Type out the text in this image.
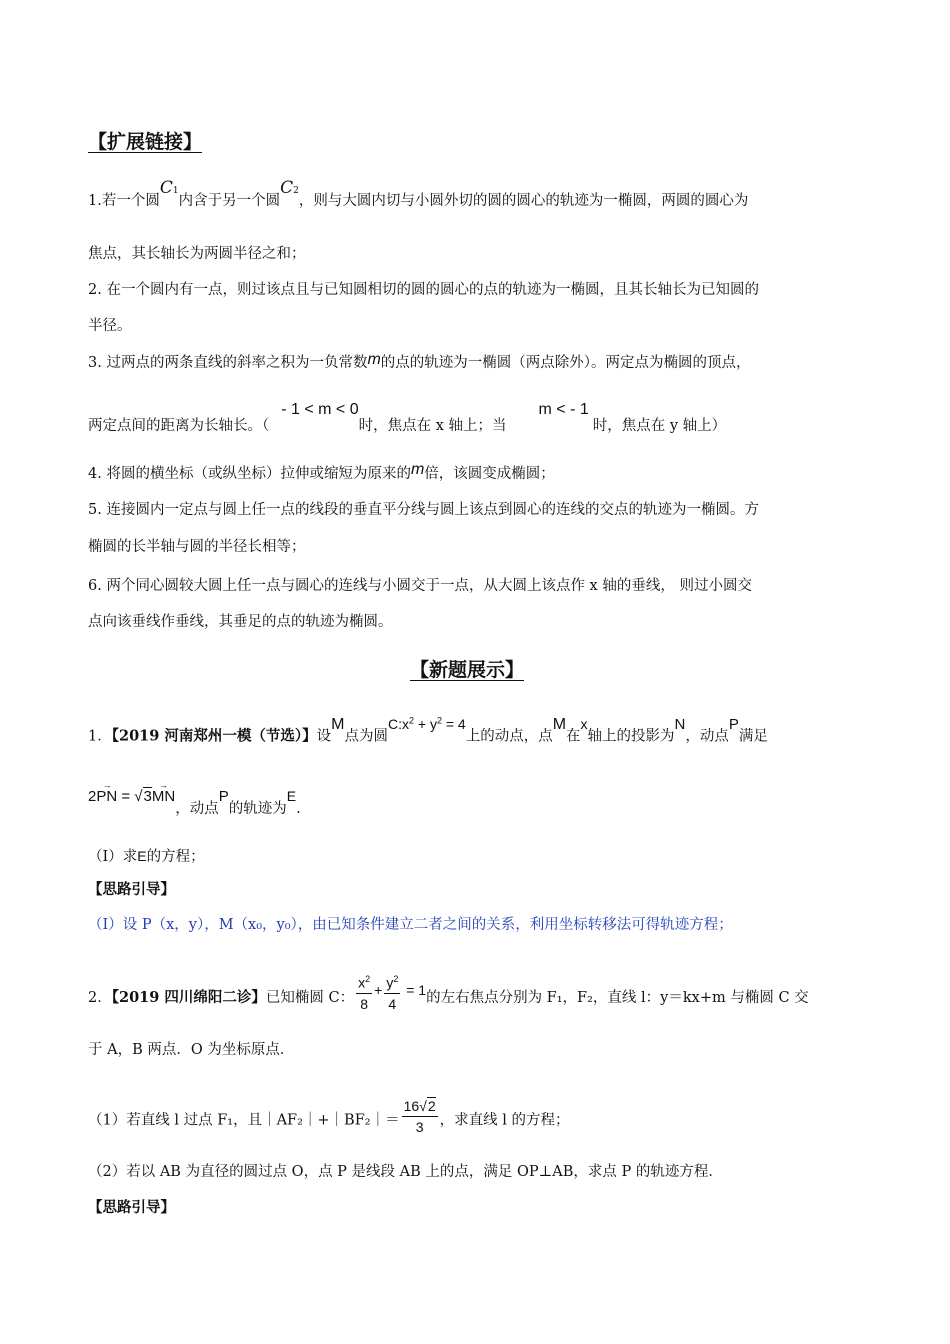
【扩展链接】
1.若一个圆$C^1$内含于另一个圆$C^2$，则与大圆内切与小圆外切的圆的圆心的轨迹为一椭圆，两圆的圆心为
焦点，其长轴长为两圆半径之和；
2. 在一个圆内有一点，则过该点且与已知圆相切的圆的圆心的点的轨迹为一椭圆，且其长轴长为已知圆的
半径。
3. 过两点的两条直线的斜率之积为一负常数m的点的轨迹为一椭圆（两点除外）。两定点为椭圆的顶点，
两定点间的距离为长轴长。（- 1 < m < 0时，焦点在 x 轴上；当m < - 1时，焦点在 y 轴上）
4. 将圆的横坐标（或纵坐标）拉伸或缩短为原来的m倍，该圆变成椭圆；
5. 连接圆内一定点与圆上任一点的线段的垂直平分线与圆上该点到圆心的连线的交点的轨迹为一椭圆。方
椭圆的长半轴与圆的半径长相等；
6. 两个同心圆较大圆上任一点与圆心的连线与小圆交于一点，从大圆上该点作 x 轴的垂线， 则过小圆交
点向该垂线作垂线，其垂足的点的轨迹为椭圆。
【新题展示】
1．【2019 河南郑州一模（节选）】设M点为圆$C:x^2 + y^2 = 4$上的动点，点M在x轴上的投影为N，动点P满足
2→ PN = √3→ MN，动点P的轨迹为E.
（Ⅰ）求E的方程；
【思路引导】
（Ⅰ）设 P（x，y），M（x₀，y₀），由已知条件建立二者之间的关系，利用坐标转移法可得轨迹方程；
2．【2019 四川绵阳二诊】已知椭圆 C： $\frac{x^2}{8} + \frac{y^2}{4} = 1$的左右焦点分别为 F₁，F₂，直线 l：y＝kx+m 与椭圆 C 交
于 A，B 两点．O 为坐标原点．
（1）若直线 l 过点 F₁，且｜AF₂｜+｜BF₂｜＝ $\frac{16√2}{3}$ ，求直线 l 的方程；
（2）若以 AB 为直径的圆过点 O，点 P 是线段 AB 上的点，满足 OP⊥AB，求点 P 的轨迹方程．
【思路引导】
